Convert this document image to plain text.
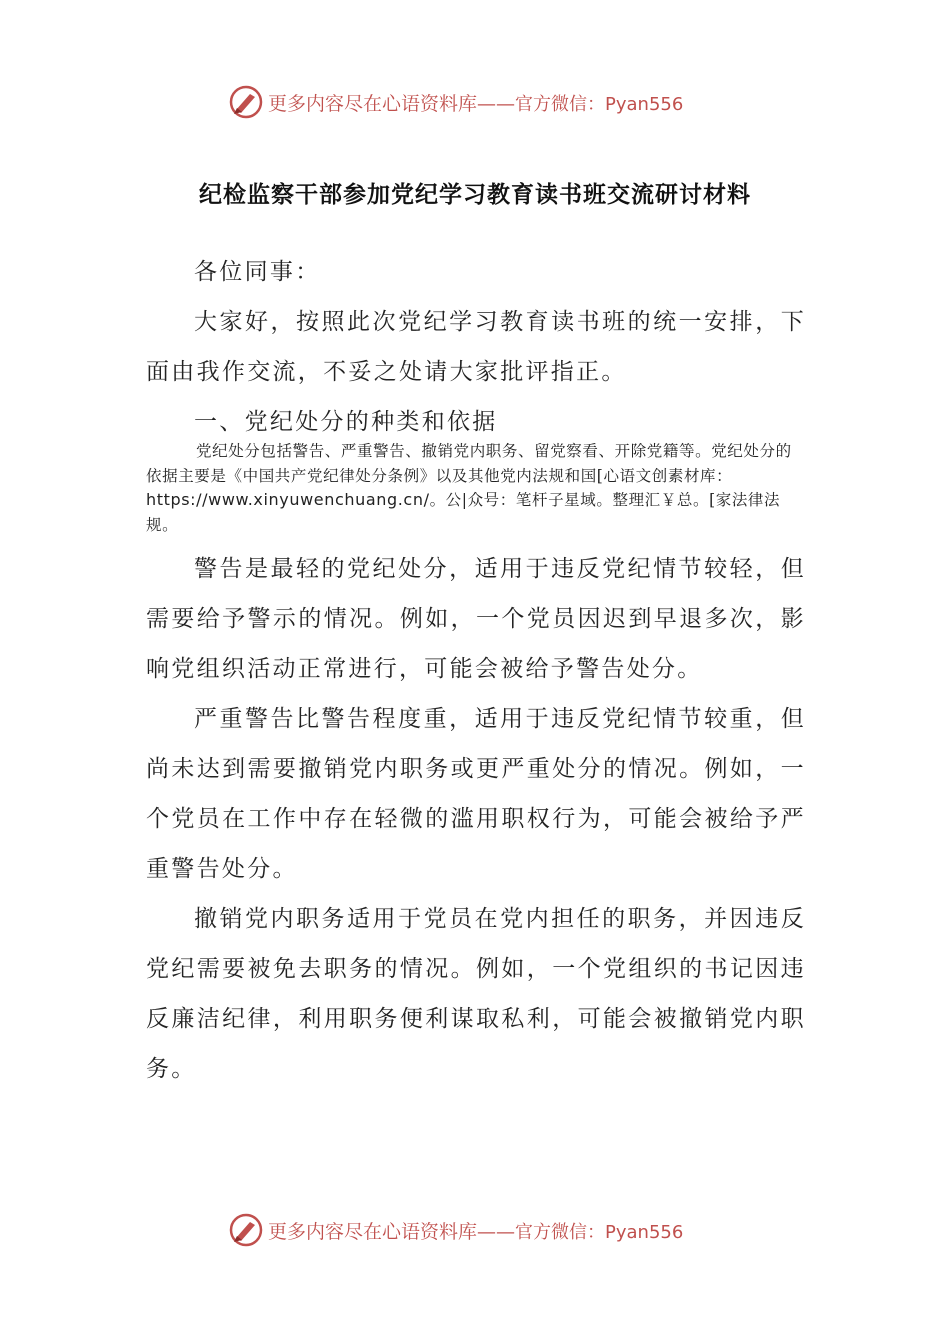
更多内容尽在心语资料库——官方微信：Pyan556
纪检监察干部参加党纪学习教育读书班交流研讨材料

各位同事：

大家好，按照此次党纪学习教育读书班的统一安排，下面由我作交流，不妥之处请大家批评指正。

一、党纪处分的种类和依据

党纪处分包括警告、严重警告、撤销党内职务、留党察看、开除党籍等。党纪处分的依据主要是《中国共产党纪律处分条例》以及其他党内法规和国[心语文创素材库：https://www.xinyuwenchuang.cn/。公|众号：笔杆子星域。整理汇￥总。[家法律法规。

警告是最轻的党纪处分，适用于违反党纪情节较轻，但需要给予警示的情况。例如，一个党员因迟到早退多次，影响党组织活动正常进行，可能会被给予警告处分。

严重警告比警告程度重，适用于违反党纪情节较重，但尚未达到需要撤销党内职务或更严重处分的情况。例如，一个党员在工作中存在轻微的滥用职权行为，可能会被给予严重警告处分。

撤销党内职务适用于党员在党内担任的职务，并因违反党纪需要被免去职务的情况。例如，一个党组织的书记因违反廉洁纪律，利用职务便利谋取私利，可能会被撤销党内职务。

更多内容尽在心语资料库——官方微信：Pyan556
